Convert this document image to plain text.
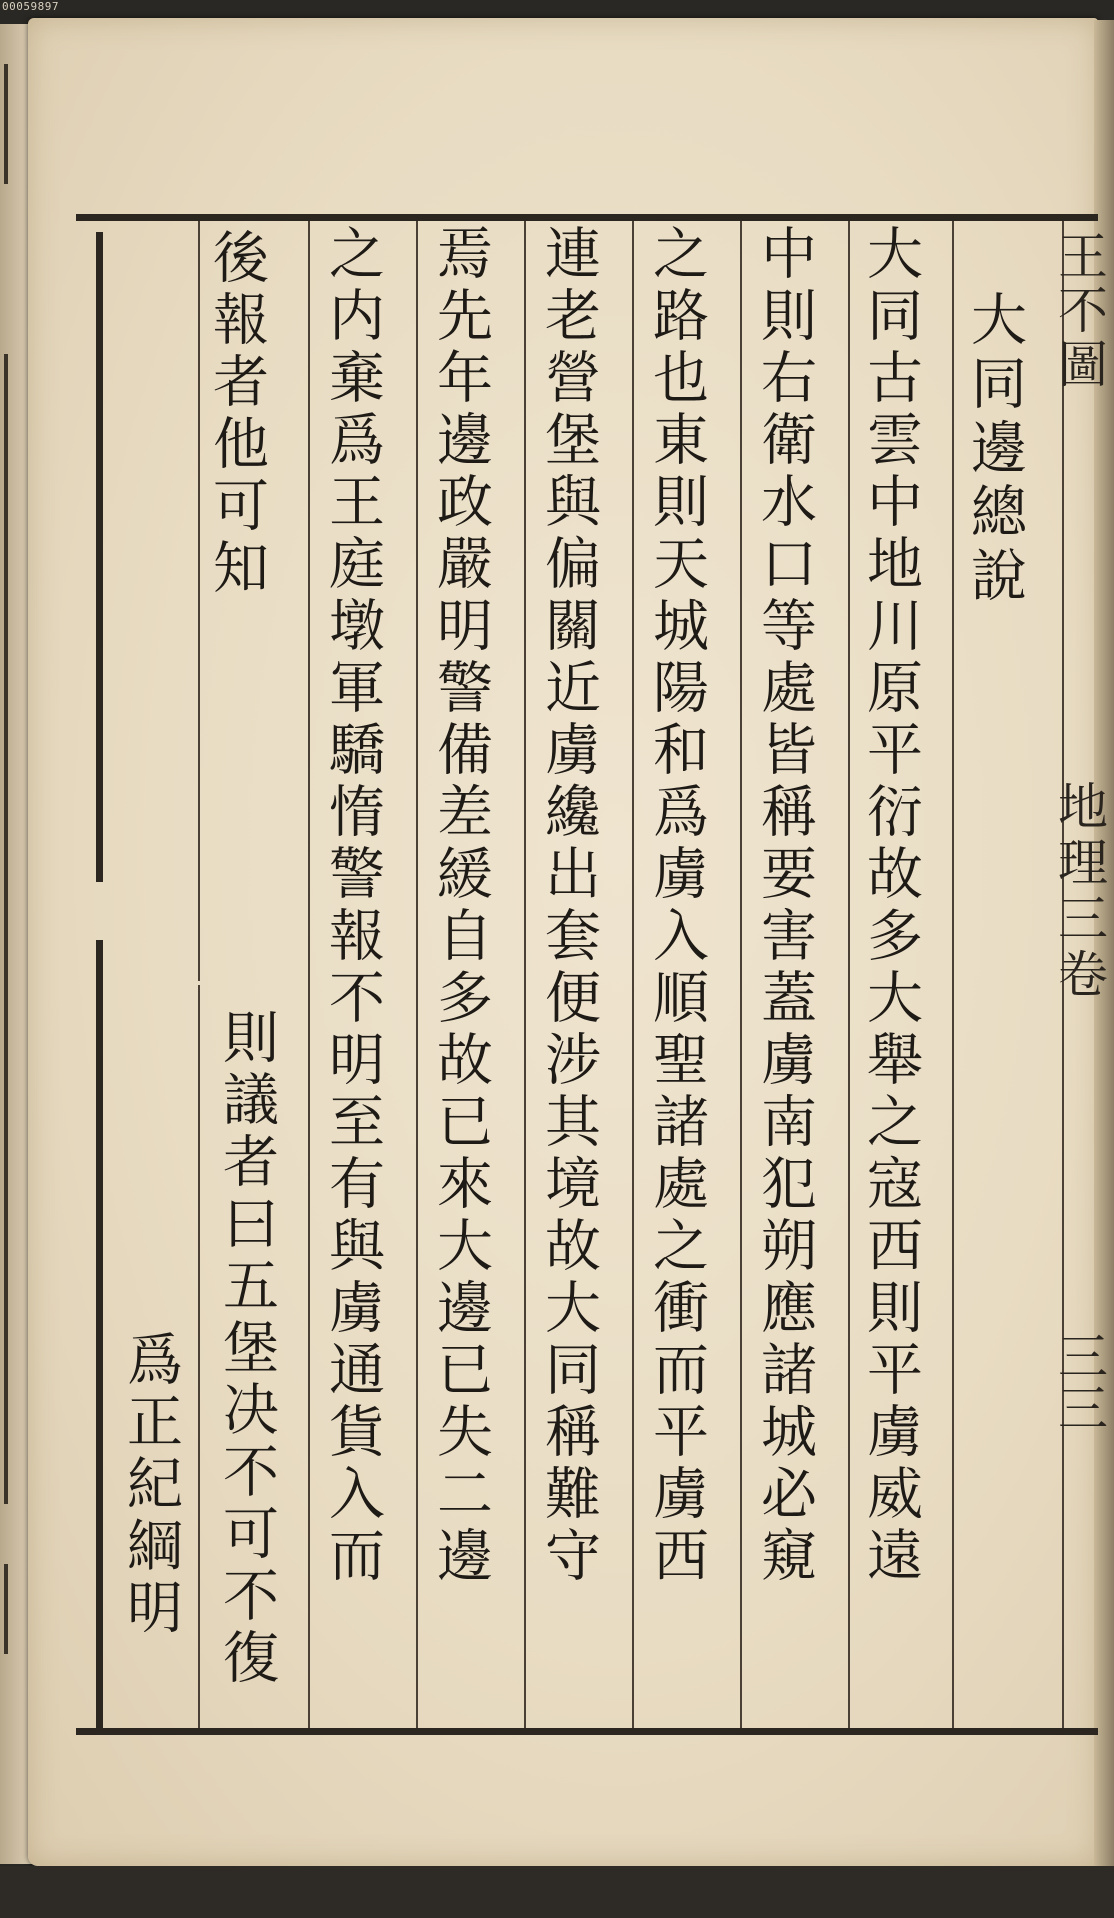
00059897
王不圖
地理三卷
三三
大同邊總說
大同古雲中地川原平衍故多大舉之寇西則平虜威遠
中則右衛水口等處皆稱要害蓋虜南犯朔應諸城必窺
之路也東則天城陽和爲虜入順聖諸處之衝而平虜西
連老營堡與偏關近虜纔出套便涉其境故大同稱難守
焉先年邊政嚴明警備差緩自多故已來大邊已失二邊
之内棄爲王庭墩軍驕惰警報不明至有與虜通貨入而
則議者曰五堡决不可不復
後報者他可知
爲正紀綱明
